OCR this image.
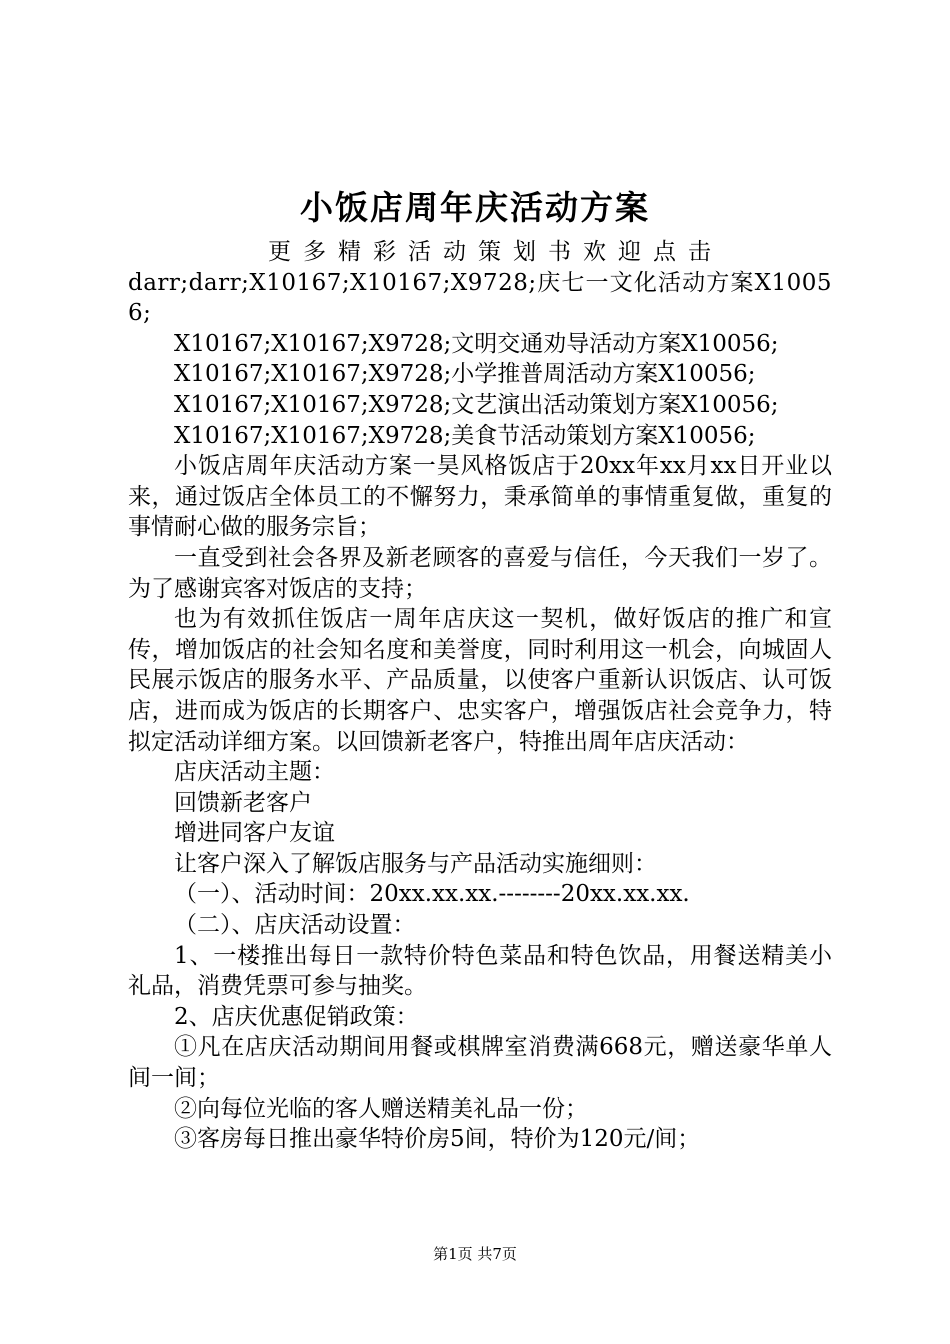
小饭店周年庆活动方案

更多精彩活动策划书欢迎点击

darr;darr;X10167;X10167;X9728;庆七一文化活动方案X10056;

X10167;X10167;X9728;文明交通劝导活动方案X10056;

X10167;X10167;X9728;小学推普周活动方案X10056;

X10167;X10167;X9728;文艺演出活动策划方案X10056;

X10167;X10167;X9728;美食节活动策划方案X10056;

小饭店周年庆活动方案一昊风格饭店于20xx年xx月xx日开业以来，通过饭店全体员工的不懈努力，秉承简单的事情重复做，重复的事情耐心做的服务宗旨；

一直受到社会各界及新老顾客的喜爱与信任，今天我们一岁了。为了感谢宾客对饭店的支持；

也为有效抓住饭店一周年店庆这一契机，做好饭店的推广和宣传，增加饭店的社会知名度和美誉度，同时利用这一机会，向城固人民展示饭店的服务水平、产品质量，以使客户重新认识饭店、认可饭店，进而成为饭店的长期客户、忠实客户，增强饭店社会竞争力，特拟定活动详细方案。以回馈新老客户，特推出周年店庆活动：

店庆活动主题：

回馈新老客户

增进同客户友谊

让客户深入了解饭店服务与产品活动实施细则：

（一）、活动时间：20xx.xx.xx.--------20xx.xx.xx.

（二）、店庆活动设置：

1、一楼推出每日一款特价特色菜品和特色饮品，用餐送精美小礼品，消费凭票可参与抽奖。

2、店庆优惠促销政策：

①凡在店庆活动期间用餐或棋牌室消费满668元，赠送豪华单人间一间；

②向每位光临的客人赠送精美礼品一份；

③客房每日推出豪华特价房5间，特价为120元/间；

第1页 共7页
